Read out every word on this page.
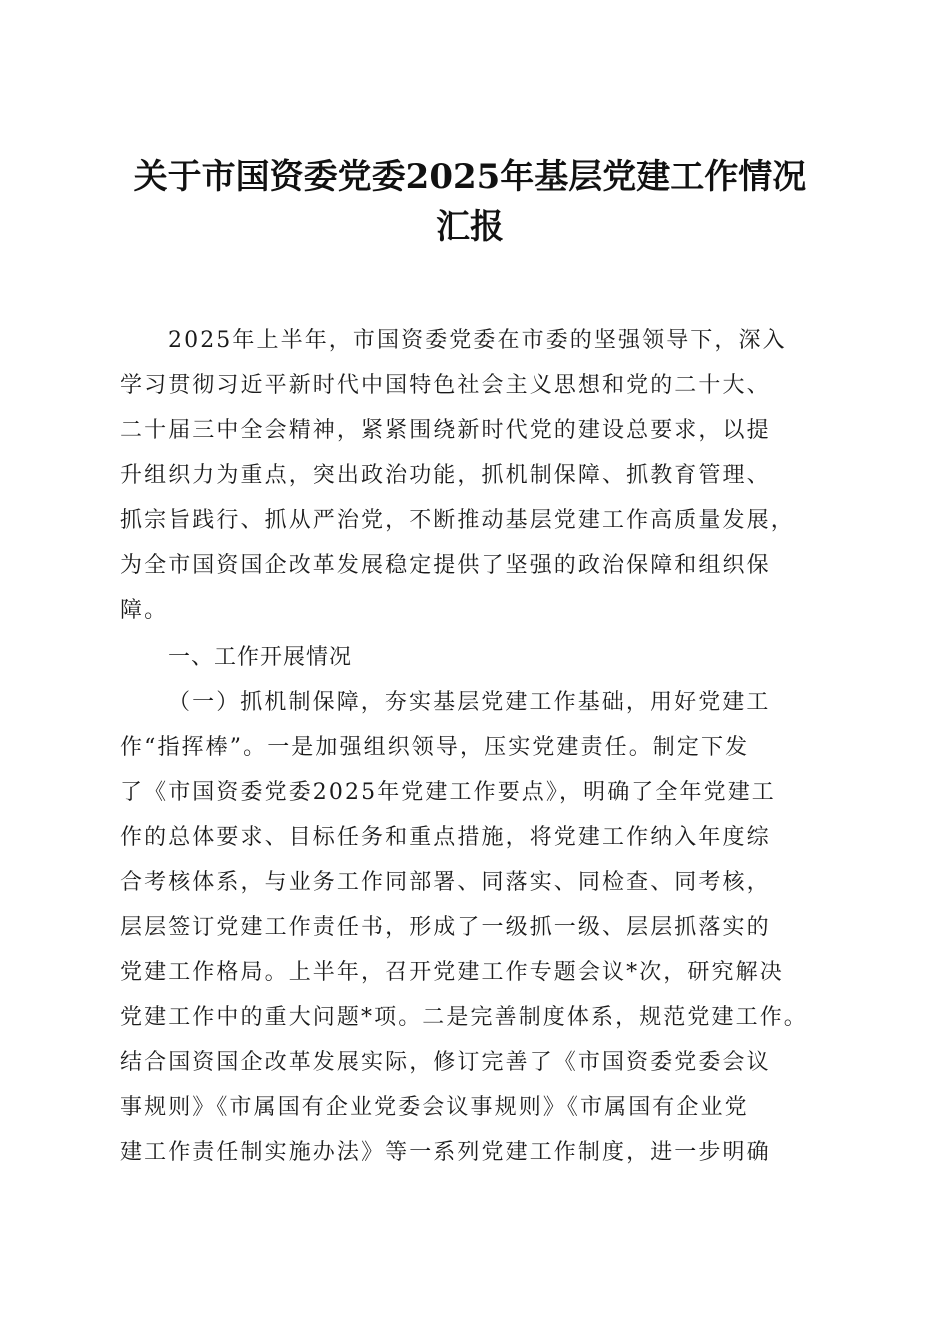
关于市国资委党委2025年基层党建工作情况
汇报
2025年上半年，市国资委党委在市委的坚强领导下，深入
学习贯彻习近平新时代中国特色社会主义思想和党的二十大、
二十届三中全会精神，紧紧围绕新时代党的建设总要求，以提
升组织力为重点，突出政治功能，抓机制保障、抓教育管理、
抓宗旨践行、抓从严治党，不断推动基层党建工作高质量发展，
为全市国资国企改革发展稳定提供了坚强的政治保障和组织保
障。
一、工作开展情况
（一）抓机制保障，夯实基层党建工作基础，用好党建工
作“指挥棒”。一是加强组织领导，压实党建责任。制定下发
了《市国资委党委2025年党建工作要点》，明确了全年党建工
作的总体要求、目标任务和重点措施，将党建工作纳入年度综
合考核体系，与业务工作同部署、同落实、同检查、同考核，
层层签订党建工作责任书，形成了一级抓一级、层层抓落实的
党建工作格局。上半年，召开党建工作专题会议*次，研究解决
党建工作中的重大问题*项。二是完善制度体系，规范党建工作。
结合国资国企改革发展实际，修订完善了《市国资委党委会议
事规则》《市属国有企业党委会议事规则》《市属国有企业党
建工作责任制实施办法》等一系列党建工作制度，进一步明确
